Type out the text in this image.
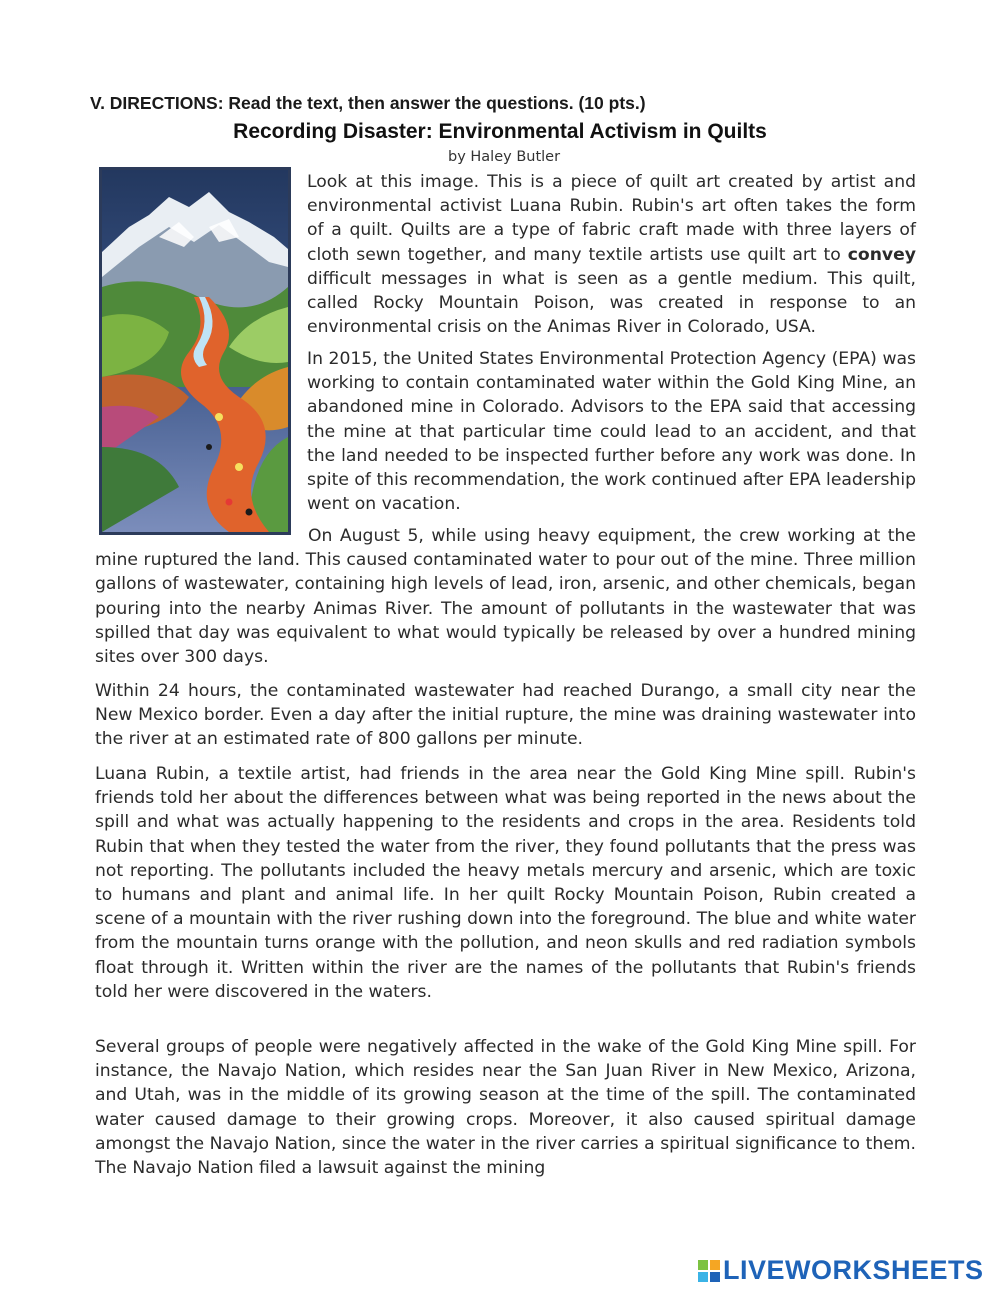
V. DIRECTIONS: Read the text, then answer the questions. (10 pts.)
Recording Disaster: Environmental Activism in Quilts
by Haley Butler

Look at this image. This is a piece of quilt art created by artist and environmental activist Luana Rubin. Rubin's art often takes the form of a quilt. Quilts are a type of fabric craft made with three layers of cloth sewn together, and many textile artists use quilt art to convey difficult messages in what is seen as a gentle medium. This quilt, called Rocky Mountain Poison, was created in response to an environmental crisis on the Animas River in Colorado, USA.

In 2015, the United States Environmental Protection Agency (EPA) was working to contain contaminated water within the Gold King Mine, an abandoned mine in Colorado. Advisors to the EPA said that accessing the mine at that particular time could lead to an accident, and that the land needed to be inspected further before any work was done. In spite of this recommendation, the work continued after EPA leadership went on vacation.

On August 5, while using heavy equipment, the crew working at the mine ruptured the land. This caused contaminated water to pour out of the mine. Three million gallons of wastewater, containing high levels of lead, iron, arsenic, and other chemicals, began pouring into the nearby Animas River. The amount of pollutants in the wastewater that was spilled that day was equivalent to what would typically be released by over a hundred mining sites over 300 days.

Within 24 hours, the contaminated wastewater had reached Durango, a small city near the New Mexico border. Even a day after the initial rupture, the mine was draining wastewater into the river at an estimated rate of 800 gallons per minute.

Luana Rubin, a textile artist, had friends in the area near the Gold King Mine spill. Rubin's friends told her about the differences between what was being reported in the news about the spill and what was actually happening to the residents and crops in the area. Residents told Rubin that when they tested the water from the river, they found pollutants that the press was not reporting. The pollutants included the heavy metals mercury and arsenic, which are toxic to humans and plant and animal life. In her quilt Rocky Mountain Poison, Rubin created a scene of a mountain with the river rushing down into the foreground. The blue and white water from the mountain turns orange with the pollution, and neon skulls and red radiation symbols float through it. Written within the river are the names of the pollutants that Rubin's friends told her were discovered in the waters.

Several groups of people were negatively affected in the wake of the Gold King Mine spill. For instance, the Navajo Nation, which resides near the San Juan River in New Mexico, Arizona, and Utah, was in the middle of its growing season at the time of the spill. The contaminated water caused damage to their growing crops. Moreover, it also caused spiritual damage amongst the Navajo Nation, since the water in the river carries a spiritual significance to them. The Navajo Nation filed a lawsuit against the mining

LIVEWORKSHEETS
